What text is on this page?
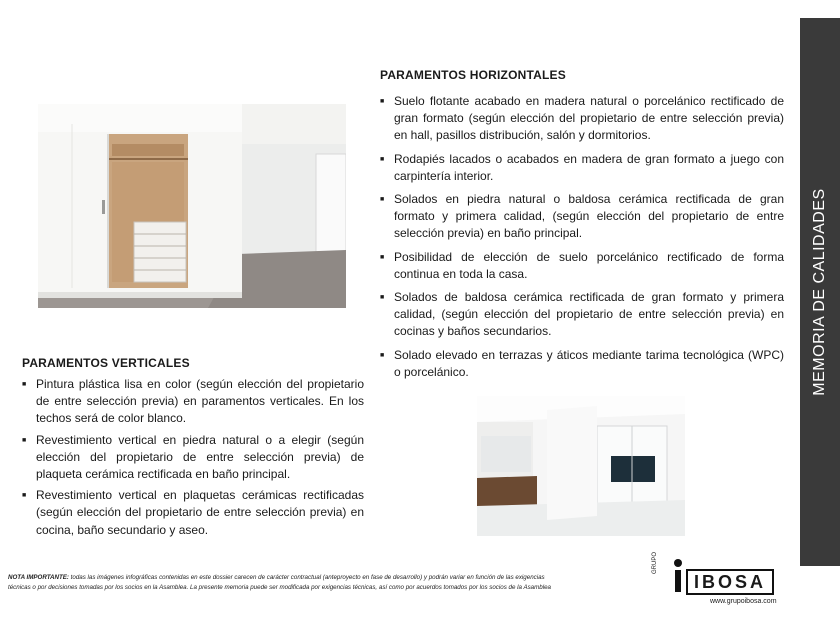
MEMORIA DE CALIDADES
PARAMENTOS HORIZONTALES
■ Suelo flotante acabado en madera natural o porcelánico rectificado de gran formato (según elección del propietario de entre selección previa) en hall, pasillos distribución, salón y dormitorios.
■ Rodapiés lacados o acabados en madera de gran formato a juego con carpintería interior.
■ Solados en piedra natural o baldosa cerámica rectificada de gran formato y primera calidad, (según elección del propietario de entre selección previa) en baño principal.
■ Posibilidad de elección de suelo porcelánico rectificado de forma continua en toda la casa.
■ Solados de baldosa cerámica rectificada de gran formato y primera calidad, (según elección del propietario de entre selección previa) en cocinas y baños secundarios.
■ Solado elevado en terrazas y áticos mediante tarima tecnológica (WPC) o porcelánico.
PARAMENTOS VERTICALES
■ Pintura plástica lisa en color (según elección del propietario de entre selección previa) en paramentos verticales. En los techos será de color blanco.
■ Revestimiento vertical en piedra natural o a elegir (según elección del propietario de entre selección previa) de plaqueta cerámica rectificada en baño principal.
■ Revestimiento vertical en plaquetas cerámicas rectificadas (según elección del propietario de entre selección previa) en cocina, baño secundario y aseo.
NOTA IMPORTANTE: todas las imágenes infográficas contenidas en este dossier carecen de carácter contractual (anteproyecto en fase de desarrollo) y podrán variar en función de las exigencias técnicas o por decisiones tomadas por los socios en la Asamblea. La presente memoria puede ser modificada por exigencias técnicas, así como por acuerdos tomados por los socios de la Asamblea
GRUPO
IBOSA
www.grupoibosa.com
